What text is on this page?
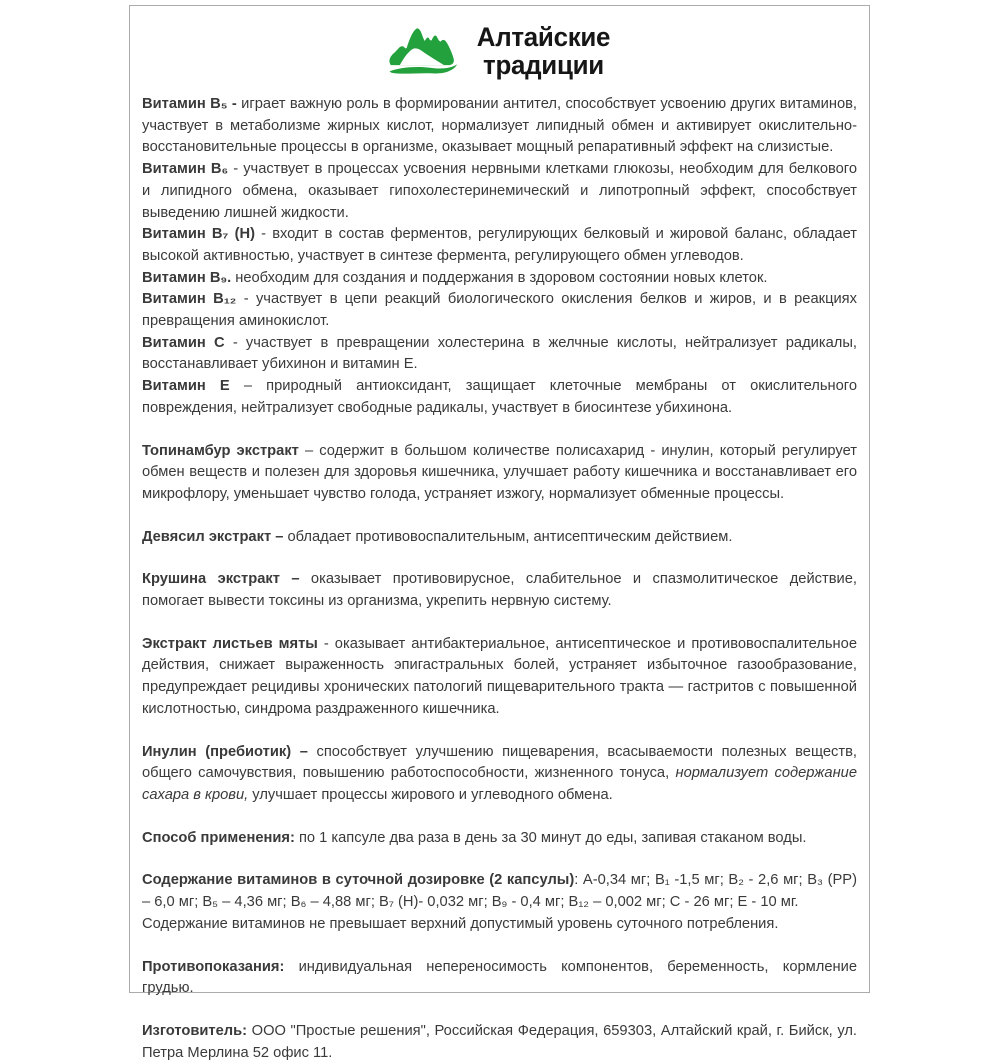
Алтайские
традиции

Витамин В₅ - играет важную роль в формировании антител, способствует усвоению других витаминов, участвует в метаболизме жирных кислот, нормализует липидный обмен и активирует окислительно-восстановительные процессы в организме, оказывает мощный репаративный эффект на слизистые.

Витамин В₆ - участвует в процессах усвоения нервными клетками глюкозы, необходим для белкового и липидного обмена, оказывает гипохолестеринемический и липотропный эффект, способствует выведению лишней жидкости.

Витамин В₇ (Н) - входит в состав ферментов, регулирующих белковый и жировой баланс, обладает высокой активностью, участвует в синтезе фермента, регулирующего обмен углеводов.

Витамин В₉. необходим для создания и поддержания в здоровом состоянии новых клеток.

Витамин В₁₂ - участвует в цепи реакций биологического окисления белков и жиров, и в реакциях превращения аминокислот.

Витамин С - участвует в превращении холестерина в желчные кислоты, нейтрализует радикалы, восстанавливает убихинон и витамин Е.

Витамин Е – природный антиоксидант, защищает клеточные мембраны от окислительного повреждения, нейтрализует свободные радикалы, участвует в биосинтезе убихинона.

Топинамбур экстракт – содержит в большом количестве полисахарид - инулин, который регулирует обмен веществ и полезен для здоровья кишечника, улучшает работу кишечника и восстанавливает его микрофлору, уменьшает чувство голода, устраняет изжогу, нормализует обменные процессы.

Девясил экстракт – обладает противовоспалительным, антисептическим действием.

Крушина экстракт – оказывает противовирусное, слабительное и спазмолитическое действие, помогает вывести токсины из организма, укрепить нервную систему.

Экстракт листьев мяты - оказывает антибактериальное, антисептическое и противовоспалительное действия, снижает выраженность эпигастральных болей, устраняет избыточное газообразование, предупреждает рецидивы хронических патологий пищеварительного тракта — гастритов с повышенной кислотностью, синдрома раздраженного кишечника.

Инулин (пребиотик) – способствует улучшению пищеварения, всасываемости полезных веществ, общего самочувствия, повышению работоспособности, жизненного тонуса, нормализует содержание сахара в крови, улучшает процессы жирового и углеводного обмена.

Способ применения: по 1 капсуле два раза в день за 30 минут до еды, запивая стаканом воды.

Содержание витаминов в суточной дозировке (2 капсулы): А-0,34 мг; В₁ -1,5 мг; В₂ - 2,6 мг; В₃ (РР) – 6,0 мг; В₅ – 4,36 мг; В₆ – 4,88 мг; В₇ (Н)- 0,032 мг; В₉ - 0,4 мг; В₁₂ – 0,002 мг; С - 26 мг; Е - 10 мг.

Содержание витаминов не превышает верхний допустимый уровень суточного потребления.

Противопоказания: индивидуальная непереносимость компонентов, беременность, кормление грудью.

Изготовитель: ООО "Простые решения", Российская Федерация, 659303, Алтайский край, г. Бийск, ул. Петра Мерлина 52 офис 11.
